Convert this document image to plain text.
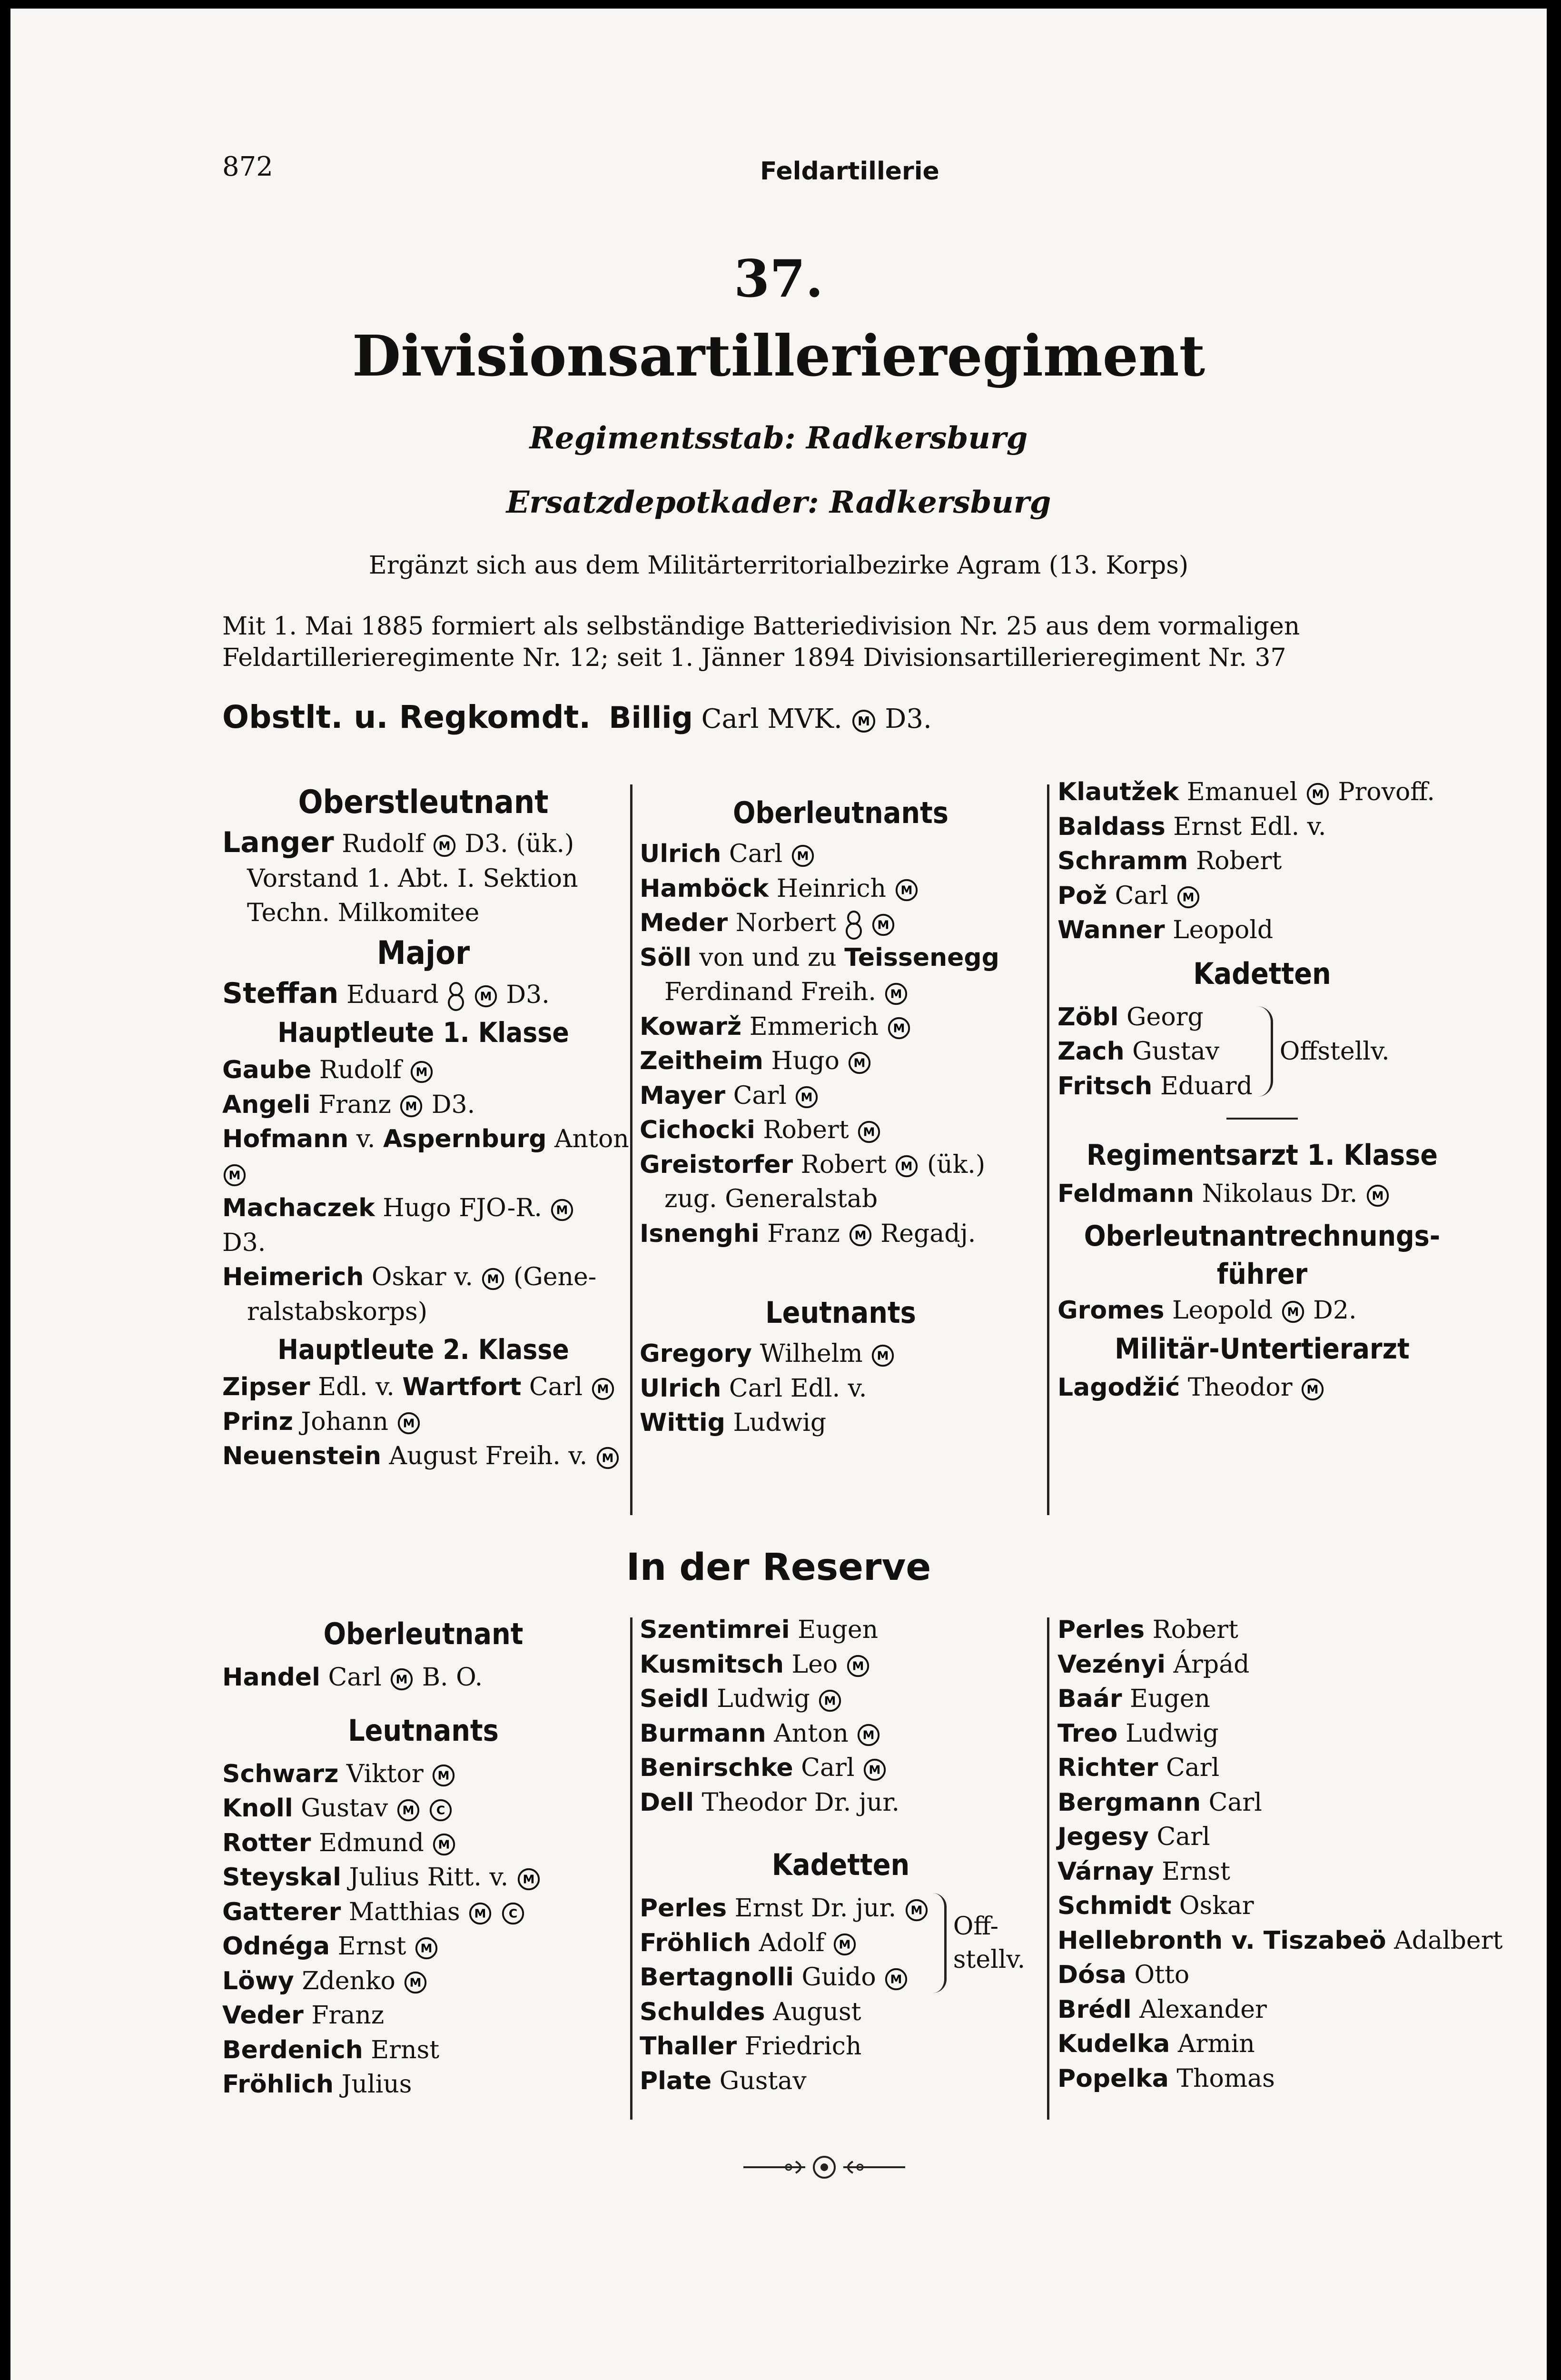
872	Feldartillerie
37.
Divisionsartillerieregiment
Regimentsstab: Radkersburg
Ersatzdepotkader: Radkersburg
Ergänzt sich aus dem Militärterritorialbezirke Agram (13. Korps)
Mit 1. Mai 1885 formiert als selbständige Batteriedivision Nr. 25 aus dem vormaligen Feldartillerieregimente Nr. 12; seit 1. Jänner 1894 Divisionsartillerieregiment Nr. 37
Obstlt. u. Regkomdt. Billig Carl MVK. M D3.
Oberstleutnant
Langer Rudolf M D3. (ük.)
Vorstand 1. Abt. I. Sektion
Techn. Milkomitee
Major
Steffan Eduard	M D3.
Hauptleute 1. Klasse
Gaube Rudolf M
Angeli Franz M D3.
Hofmann v. Aspernburg Anton
M
Machaczek Hugo FJO-R. M
D3.
Heimerich Oskar v. M (Gene-
ralstabskorps)
Hauptleute 2. Klasse
Zipser Edl. v. Wartfort Carl M
Prinz Johann M
Neuenstein August Freih. v. M
Oberleutnants
Ulrich Carl M
Hamböck Heinrich M
Meder Norbert	M
Söll von und zu Teissenegg
Ferdinand Freih. M
Kowarž Emmerich M
Zeitheim Hugo M
Mayer Carl M
Cichocki Robert M
Greistorfer Robert M (ük.)
zug. Generalstab
Isnenghi Franz M Regadj.
Leutnants
Gregory Wilhelm M
Ulrich Carl Edl. v.
Wittig Ludwig
Klautžek Emanuel M Provoff.
Baldass Ernst Edl. v.
Schramm Robert
Pož Carl M
Wanner Leopold
Kadetten
Zöbl Georg
Zach Gustav
Fritsch Eduard
Offstellv.
Regimentsarzt 1. Klasse
Feldmann Nikolaus Dr. M
Oberleutnantrechnungs-
führer
Gromes Leopold M D2.
Militär-Untertierarzt
Lagodžić Theodor M
In der Reserve
Oberleutnant
Handel Carl M B. O.
Leutnants
Schwarz Viktor M
Knoll Gustav M
C
Rotter Edmund M
Steyskal Julius Ritt. v. M
Gatterer Matthias M
C
Odnéga Ernst M
Löwy Zdenko M
Veder Franz
Berdenich Ernst
Fröhlich Julius
Szentimrei Eugen
Kusmitsch Leo M
Seidl Ludwig M
Burmann Anton M
Benirschke Carl M
Dell Theodor Dr. jur.
Kadetten
Perles Ernst Dr. jur. M
Fröhlich Adolf M
Bertagnolli Guido M
Off-
stellv.
Schuldes August
Thaller Friedrich
Plate Gustav
Perles Robert
Vezényi Árpád
Baár Eugen
Treo Ludwig
Richter Carl
Bergmann Carl
Jegesy Carl
Várnay Ernst
Schmidt Oskar
Hellebronth v. Tiszabeö Adalbert
Dósa Otto
Brédl Alexander
Kudelka Armin
Popelka Thomas
